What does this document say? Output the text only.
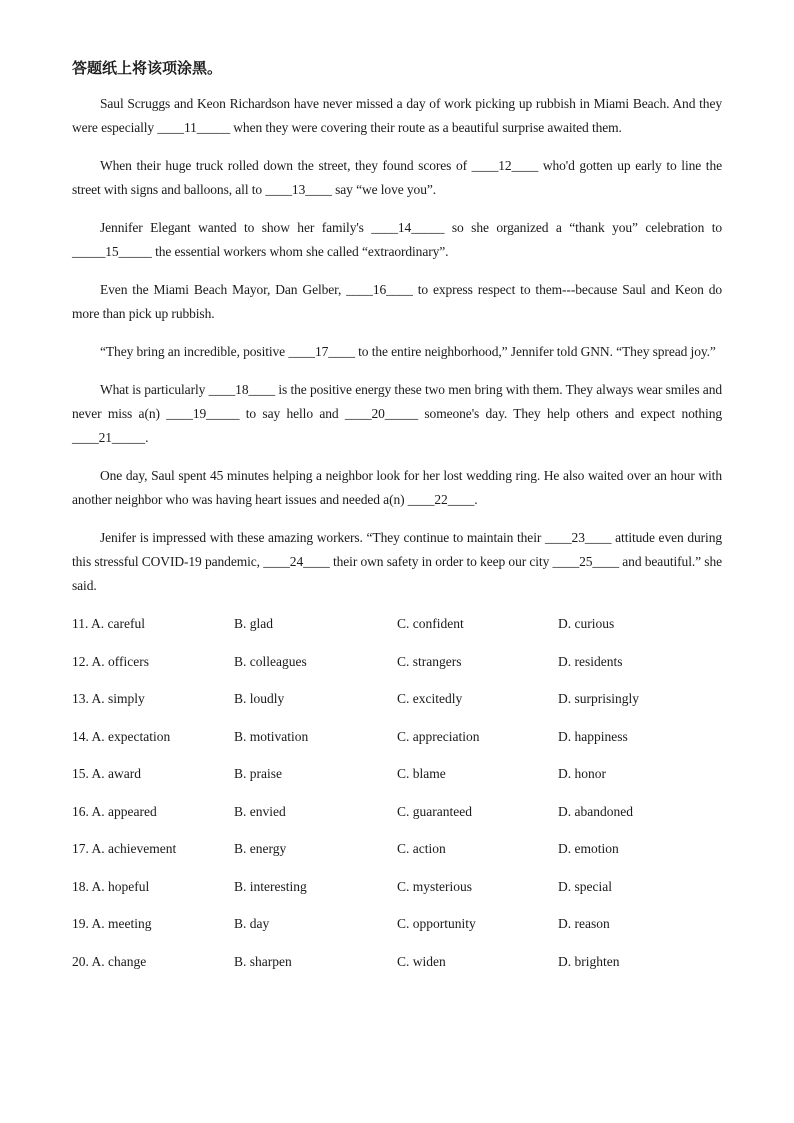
答题纸上将该项涂黑。

Saul Scruggs and Keon Richardson have never missed a day of work picking up rubbish in Miami Beach. And they were especially ____11_____ when they were covering their route as a beautiful surprise awaited them.

When their huge truck rolled down the street, they found scores of ____12____ who'd gotten up early to line the street with signs and balloons, all to ____13____ say “we love you”.

Jennifer Elegant wanted to show her family's ____14_____ so she organized a “thank you” celebration to _____15_____ the essential workers whom she called “extraordinary”.

Even the Miami Beach Mayor, Dan Gelber, ____16____ to express respect to them---because Saul and Keon do more than pick up rubbish.

“They bring an incredible, positive ____17____ to the entire neighborhood,” Jennifer told GNN. “They spread joy.”

What is particularly ____18____ is the positive energy these two men bring with them. They always wear smiles and never miss a(n) ____19_____ to say hello and ____20_____ someone's day. They help others and expect nothing ____21_____.

One day, Saul spent 45 minutes helping a neighbor look for her lost wedding ring. He also waited over an hour with another neighbor who was having heart issues and needed a(n) ____22____.

Jenifer is impressed with these amazing workers. “They continue to maintain their ____23____ attitude even during this stressful COVID-19 pandemic, ____24____ their own safety in order to keep our city ____25____ and beautiful.” she said.

11. A. careful	B. glad	C. confident	D. curious
12. A. officers	B. colleagues	C. strangers	D. residents
13. A. simply	B. loudly	C. excitedly	D. surprisingly
14. A. expectation	B. motivation	C. appreciation	D. happiness
15. A. award	B. praise	C. blame	D. honor
16. A. appeared	B. envied	C. guaranteed	D. abandoned
17. A. achievement	B. energy	C. action	D. emotion
18. A. hopeful	B. interesting	C. mysterious	D. special
19. A. meeting	B. day	C. opportunity	D. reason
20. A. change	B. sharpen	C. widen	D. brighten
